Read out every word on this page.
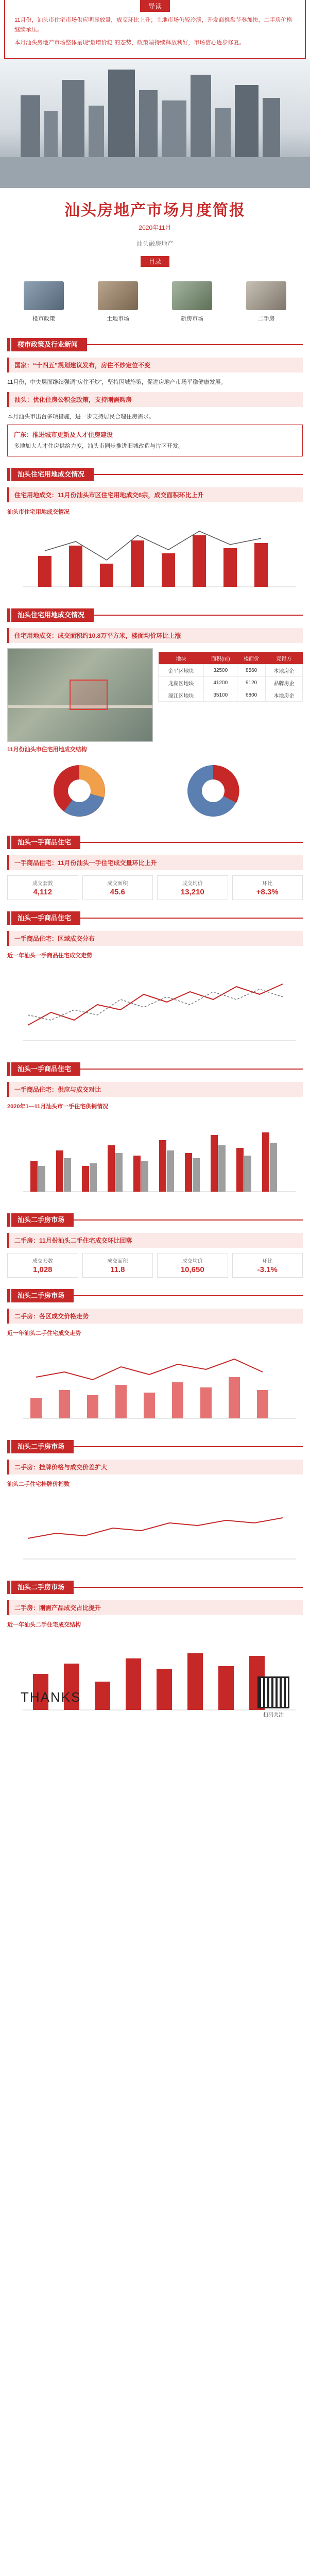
导读

11月份，汕头市住宅市场供应明显放量，成交环比上升；土地市场仍较冷淡，开发商推盘节奏加快，二手房价格继续承压。

本月汕头房地产市场整体呈现“量增价稳”的态势，政策端持续释放利好，市场信心逐步修复。

汕头房地产市场月度简报
2020年11月
汕头融房地产
目录
楼市政策	土地市场	新房市场	二手房
楼市政策及行业新闻
国家：“十四五”规划建议发布，房住不炒定位不变
11月份，中央层面继续强调“房住不炒”，坚持因城施策，促进房地产市场平稳健康发展。
汕头：优化住房公积金政策，支持刚需购房
本月汕头市出台多项措施，进一步支持居民合理住房需求。
广东：推进城市更新及人才住房建设

多地加大人才住房供给力度，汕头市同步推进旧城改造与片区开发。

汕头住宅用地成交情况
住宅用地成交：11月份汕头市区住宅用地成交6宗，成交面积环比上升
汕头市住宅用地成交情况
汕头住宅用地成交情况
住宅用地成交：成交面积约10.8万平方米，楼面均价环比上涨
地块	面积(㎡)	楼面价	竞得方
金平区地块	32500	8560	本地房企
龙湖区地块	41200	9120	品牌房企
濠江区地块	35100	6800	本地房企
11月份汕头市住宅用地成交结构
汕头一手商品住宅
一手商品住宅：11月份汕头一手住宅成交量环比上升
成交套数
4,112
成交面积
45.6
成交均价
13,210
环比
+8.3%
汕头一手商品住宅
一手商品住宅：区域成交分布
近一年汕头一手商品住宅成交走势
汕头一手商品住宅
一手商品住宅：供应与成交对比
2020年1—11月汕头市一手住宅供销情况
汕头二手房市场
二手房：11月份汕头二手住宅成交环比回落
成交套数
1,028
成交面积
11.8
成交均价
10,650
环比
-3.1%
汕头二手房市场
二手房：各区成交价格走势
近一年汕头二手住宅成交走势
汕头二手房市场
二手房：挂牌价格与成交价差扩大
汕头二手住宅挂牌价指数
汕头二手房市场
二手房：刚需产品成交占比提升
近一年汕头二手住宅成交结构
THANKS
扫码关注
